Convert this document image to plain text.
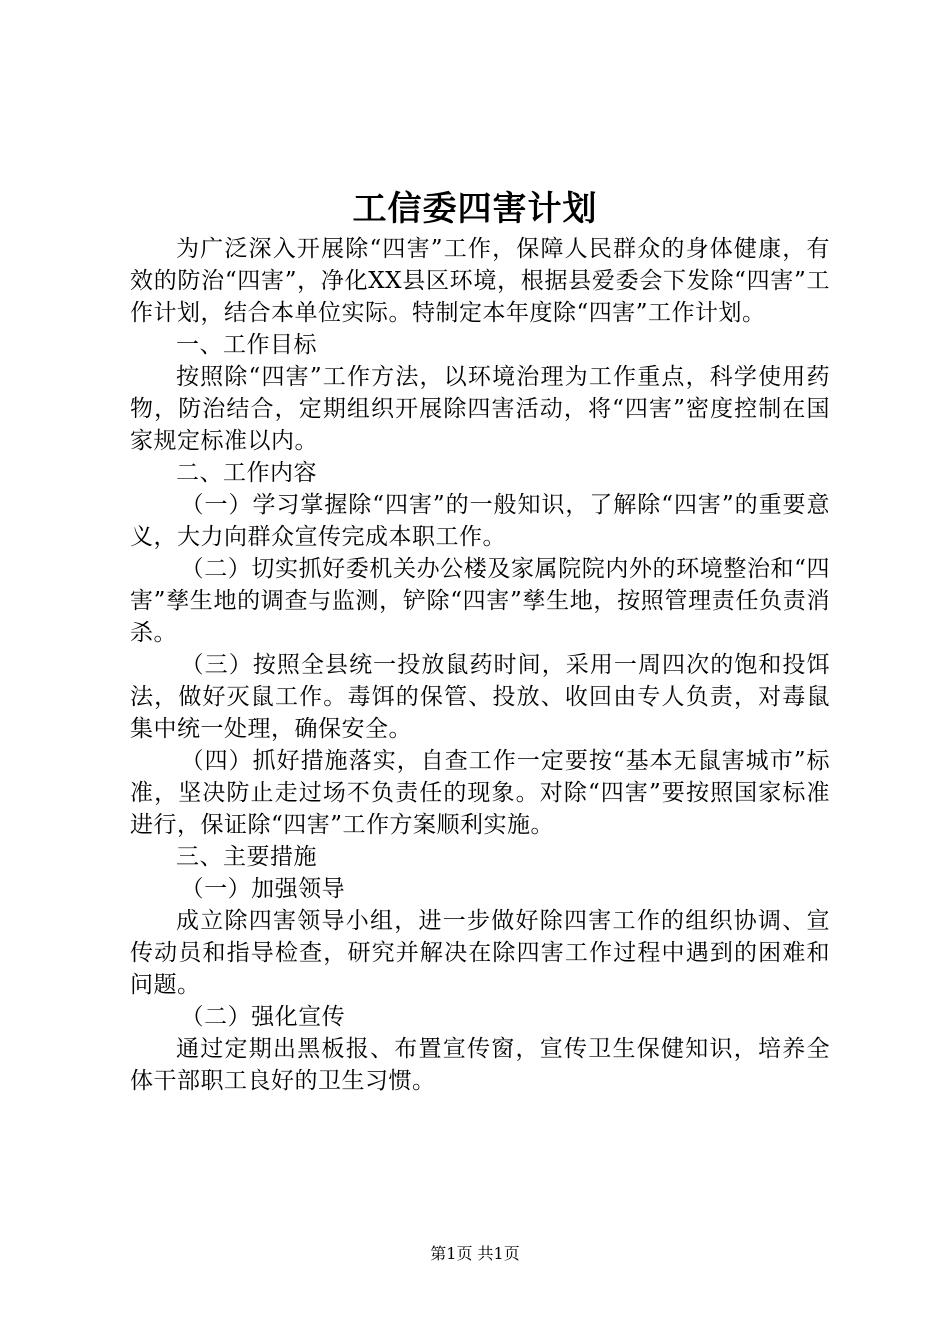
工信委四害计划

为广泛深入开展除“四害”工作，保障人民群众的身体健康，有效的防治“四害”，净化XX县区环境，根据县爱委会下发除“四害”工作计划，结合本单位实际。特制定本年度除“四害”工作计划。

一、工作目标

按照除“四害”工作方法，以环境治理为工作重点，科学使用药物，防治结合，定期组织开展除四害活动，将“四害”密度控制在国家规定标准以内。

二、工作内容

（一）学习掌握除“四害”的一般知识，了解除“四害”的重要意义，大力向群众宣传完成本职工作。

（二）切实抓好委机关办公楼及家属院院内外的环境整治和“四害”孳生地的调查与监测，铲除“四害”孳生地，按照管理责任负责消杀。

（三）按照全县统一投放鼠药时间，采用一周四次的饱和投饵法，做好灭鼠工作。毒饵的保管、投放、收回由专人负责，对毒鼠集中统一处理，确保安全。

（四）抓好措施落实，自查工作一定要按“基本无鼠害城市”标准，坚决防止走过场不负责任的现象。对除“四害”要按照国家标准进行，保证除“四害”工作方案顺利实施。

三、主要措施

（一）加强领导

成立除四害领导小组，进一步做好除四害工作的组织协调、宣传动员和指导检查，研究并解决在除四害工作过程中遇到的困难和问题。

（二）强化宣传

通过定期出黑板报、布置宣传窗，宣传卫生保健知识，培养全体干部职工良好的卫生习惯。

第1页 共1页
